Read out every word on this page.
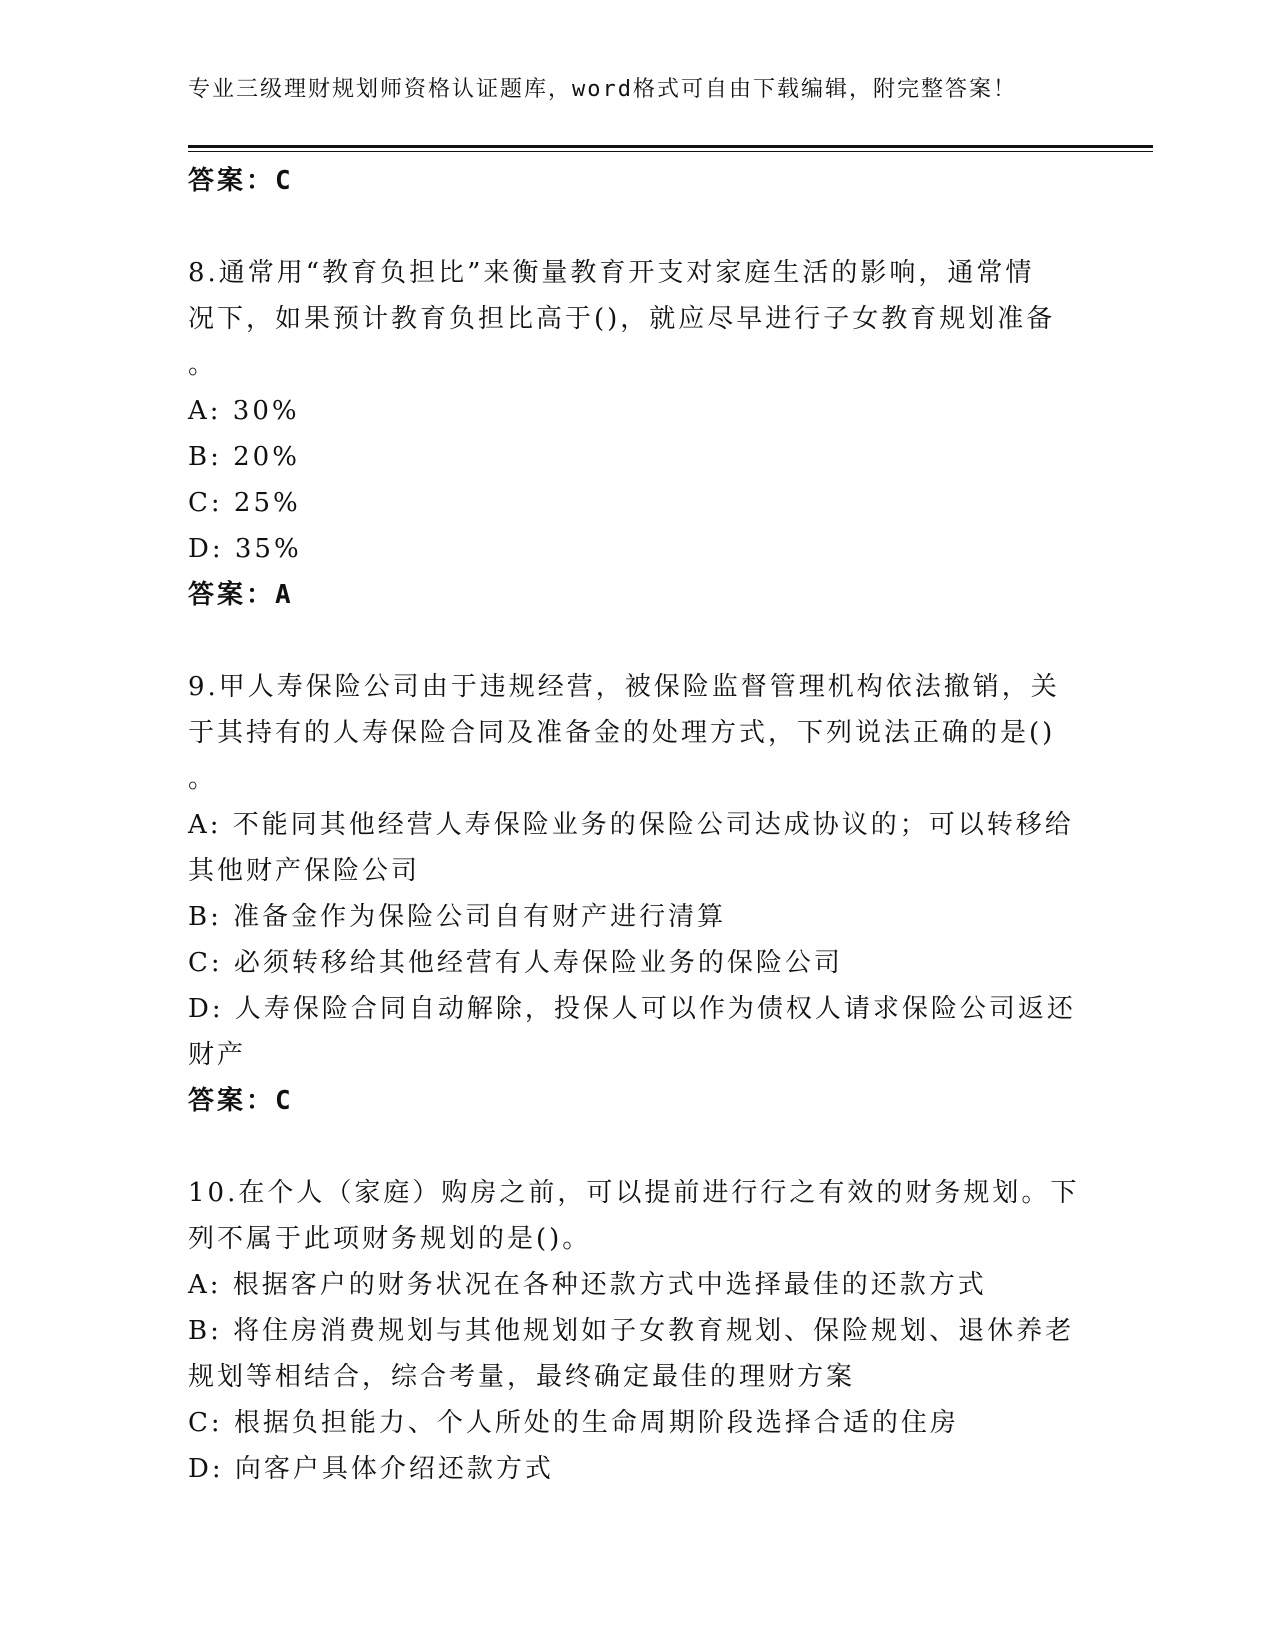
专业三级理财规划师资格认证题库，word格式可自由下载编辑，附完整答案！
答案：C
8.通常用“教育负担比”来衡量教育开支对家庭生活的影响，通常情
况下，如果预计教育负担比高于()，就应尽早进行子女教育规划准备
。
A: 30%
B: 20%
C: 25%
D: 35%
答案：A
9.甲人寿保险公司由于违规经营，被保险监督管理机构依法撤销，关
于其持有的人寿保险合同及准备金的处理方式，下列说法正确的是()
。
A: 不能同其他经营人寿保险业务的保险公司达成协议的；可以转移给
其他财产保险公司
B: 准备金作为保险公司自有财产进行清算
C: 必须转移给其他经营有人寿保险业务的保险公司
D: 人寿保险合同自动解除，投保人可以作为债权人请求保险公司返还
财产
答案：C
10.在个人（家庭）购房之前，可以提前进行行之有效的财务规划。下
列不属于此项财务规划的是()。
A: 根据客户的财务状况在各种还款方式中选择最佳的还款方式
B: 将住房消费规划与其他规划如子女教育规划、保险规划、退休养老
规划等相结合，综合考量，最终确定最佳的理财方案
C: 根据负担能力、个人所处的生命周期阶段选择合适的住房
D: 向客户具体介绍还款方式
